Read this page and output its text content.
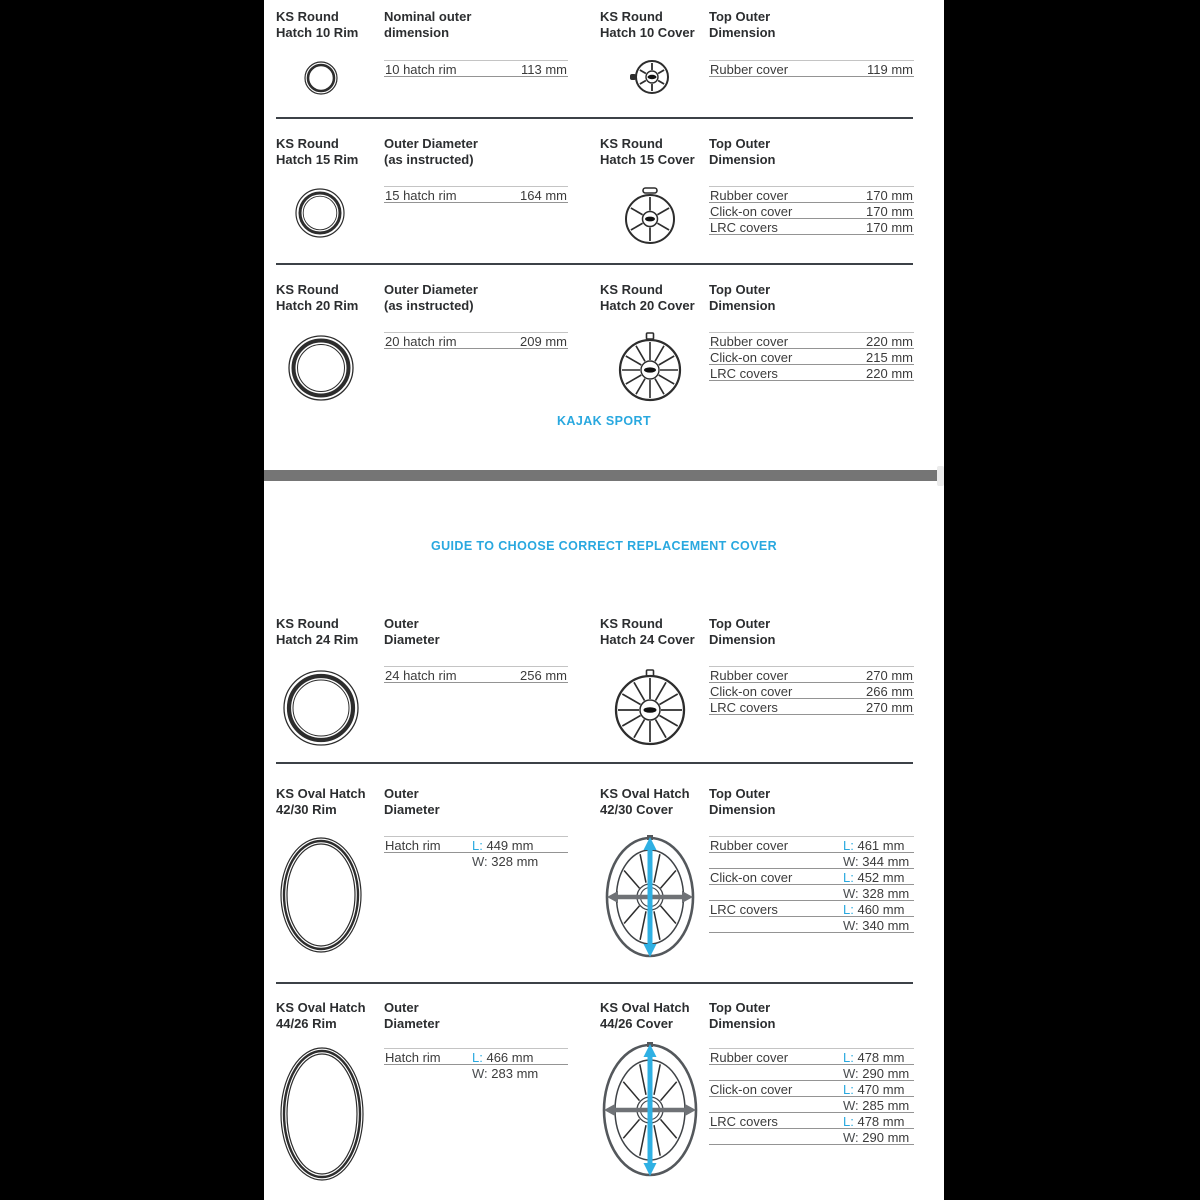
KS Round
Hatch 10 Rim
Nominal outer
dimension
KS Round
Hatch 10 Cover
Top Outer
Dimension
10 hatch rim	113 mm	Rubber cover	119 mm
KS Round
Hatch 15 Rim
Outer Diameter
(as instructed)
KS Round
Hatch 15 Cover
Top Outer
Dimension
15 hatch rim	164 mm	Rubber cover	170 mm
Click-on cover	170 mm
LRC covers	170 mm
KS Round
Hatch 20 Rim
Outer Diameter
(as instructed)
KS Round
Hatch 20 Cover
Top Outer
Dimension
20 hatch rim	209 mm	Rubber cover	220 mm
Click-on cover	215 mm
LRC covers	220 mm
KAJAK SPORT
GUIDE TO CHOOSE CORRECT REPLACEMENT COVER
KS Round
Hatch 24 Rim
Outer
Diameter
KS Round
Hatch 24 Cover
Top Outer
Dimension
24 hatch rim	256 mm	Rubber cover	270 mm
Click-on cover	266 mm
LRC covers	270 mm
KS Oval Hatch
42/30 Rim
Outer
Diameter
KS Oval Hatch
42/30 Cover
Top Outer
Dimension
Hatch rim L: 449 mm
W: 328 mm
Rubber cover	L: 461 mm
W: 344 mm
Click-on cover	L: 452 mm
W: 328 mm
LRC covers	L: 460 mm
W: 340 mm
KS Oval Hatch
44/26 Rim
Outer
Diameter
KS Oval Hatch
44/26 Cover
Top Outer
Dimension
Hatch rim L: 466 mm
W: 283 mm
Rubber cover	L: 478 mm
W: 290 mm
Click-on cover	L: 470 mm
W: 285 mm
LRC covers	L: 478 mm
W: 290 mm
